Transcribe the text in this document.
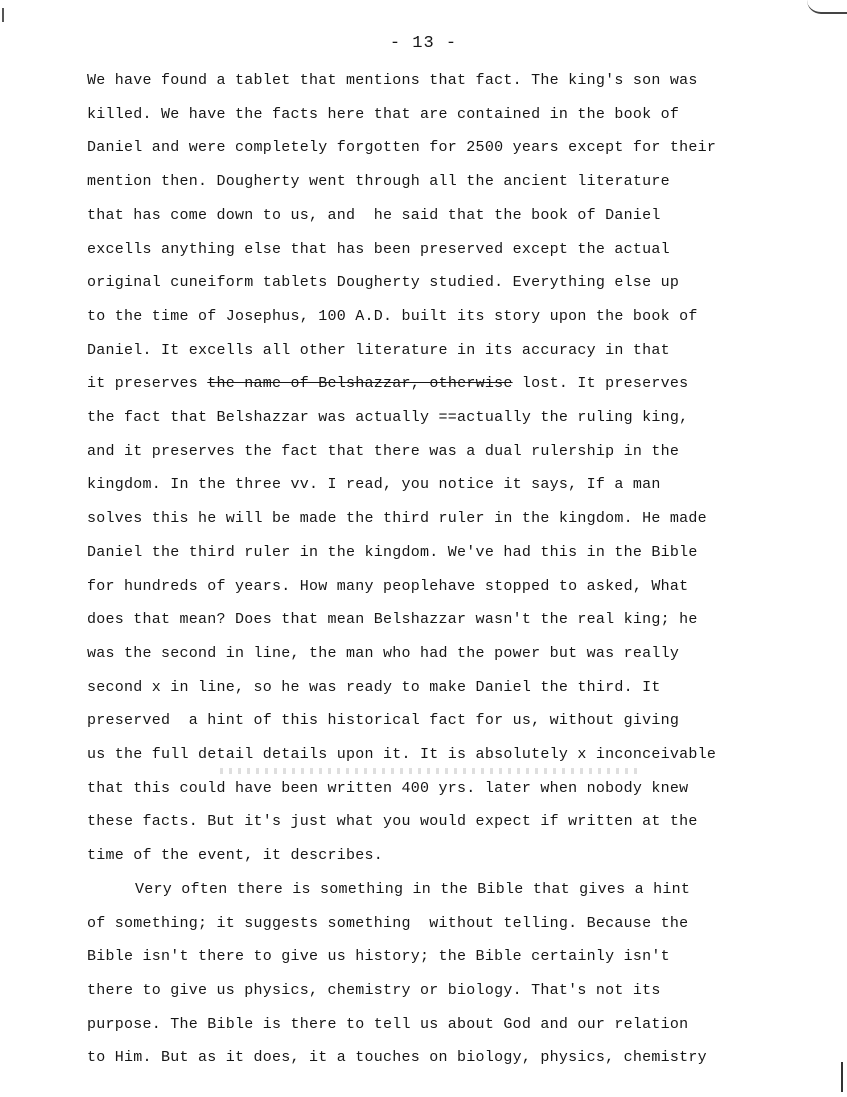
- 13 -
We have found a tablet that mentions that fact. The king's son was
killed. We have the facts here that are contained in the book of
Daniel and were completely forgotten for 2500 years except for their
mention then. Dougherty went through all the ancient literature
that has come down to us, and  he said that the book of Daniel
excells anything else that has been preserved except the actual
original cuneiform tablets Dougherty studied. Everything else up
to the time of Josephus, 100 A.D. built its story upon the book of
Daniel. It excells all other literature in its accuracy in that
it preserves the name of Belshazzar, otherwise lost. It preserves
the fact that Belshazzar was actually ==actually the ruling king,
and it preserves the fact that there was a dual rulership in the
kingdom. In the three vv. I read, you notice it says, If a man
solves this he will be made the third ruler in the kingdom. He made
Daniel the third ruler in the kingdom. We've had this in the Bible
for hundreds of years. How many peoplehave stopped to asked, What
does that mean? Does that mean Belshazzar wasn't the real king; he
was the second in line, the man who had the power but was really
second x in line, so he was ready to make Daniel the third. It
preserved  a hint of this historical fact for us, without giving
us the full detail details upon it. It is absolutely x inconceivable
that this could have been written 400 yrs. later when nobody knew
these facts. But it's just what you would expect if written at the
time of the event, it describes.
Very often there is something in the Bible that gives a hint
of something; it suggests something  without telling. Because the
Bible isn't there to give us history; the Bible certainly isn't
there to give us physics, chemistry or biology. That's not its
purpose. The Bible is there to tell us about God and our relation
to Him. But as it does, it a touches on biology, physics, chemistry
